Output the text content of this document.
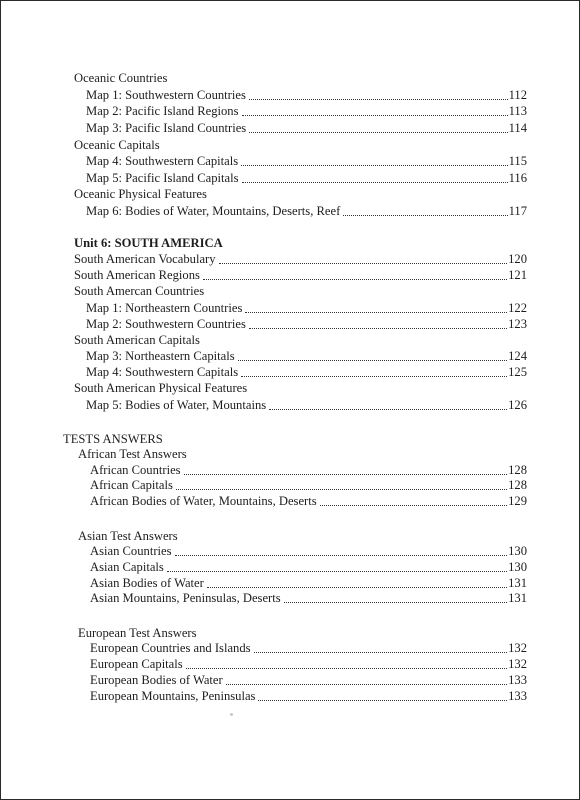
Oceanic Countries
Map 1: Southwestern Countries	112
Map 2: Pacific Island Regions	113
Map 3: Pacific Island Countries	114
Oceanic Capitals
Map 4: Southwestern Capitals	115
Map 5: Pacific Island Capitals	116
Oceanic Physical Features
Map 6: Bodies of Water, Mountains, Deserts, Reef	117
Unit 6: SOUTH AMERICA
South American Vocabulary	120
South American Regions	121
South Amercan Countries
Map 1: Northeastern Countries	122
Map 2: Southwestern Countries	123
South American Capitals
Map 3: Northeastern Capitals	124
Map 4: Southwestern Capitals	125
South American Physical Features
Map 5: Bodies of Water, Mountains	126
TESTS ANSWERS
African Test Answers
African Countries	128
African Capitals	128
African Bodies of Water, Mountains, Deserts	129
Asian Test Answers
Asian Countries	130
Asian Capitals	130
Asian Bodies of Water	131
Asian Mountains, Peninsulas, Deserts	131
European Test Answers
European Countries and Islands	132
European Capitals	132
European Bodies of Water	133
European Mountains, Peninsulas	133
